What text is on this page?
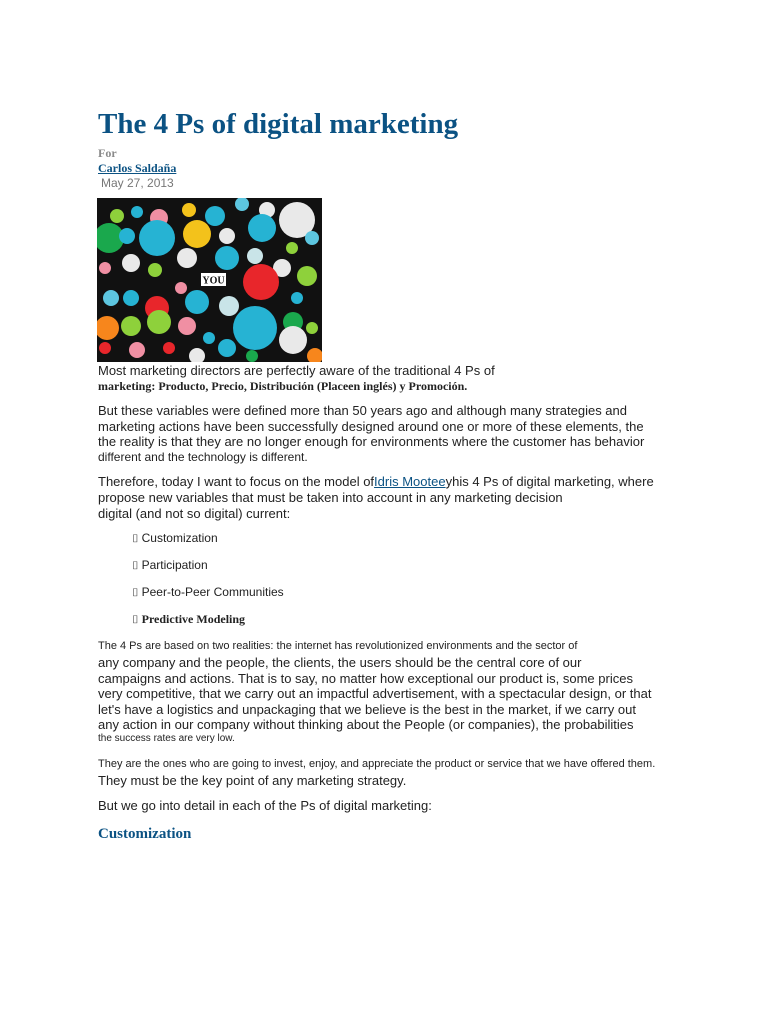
The 4 Ps of digital marketing
For
Carlos Saldaña
May 27, 2013
YOU
Most marketing directors are perfectly aware of the traditional 4 Ps of
marketing: Producto, Precio, Distribución (Placeen inglés) y Promoción.
But these variables were defined more than 50 years ago and although many strategies and
marketing actions have been successfully designed around one or more of these elements, the
the reality is that they are no longer enough for environments where the customer has behavior
different and the technology is different.
Therefore, today I want to focus on the model ofIdris Mooteeyhis 4 Ps of digital marketing, where
propose new variables that must be taken into account in any marketing decision
digital (and not so digital) current:
⌷ Customization
⌷ Participation
⌷ Peer-to-Peer Communities
⌷ Predictive Modeling
The 4 Ps are based on two realities: the internet has revolutionized environments and the sector of
any company and the people, the clients, the users should be the central core of our
campaigns and actions. That is to say, no matter how exceptional our product is, some prices
very competitive, that we carry out an impactful advertisement, with a spectacular design, or that
let's have a logistics and unpackaging that we believe is the best in the market, if we carry out
any action in our company without thinking about the People (or companies), the probabilities
the success rates are very low.
They are the ones who are going to invest, enjoy, and appreciate the product or service that we have offered them.
They must be the key point of any marketing strategy.
But we go into detail in each of the Ps of digital marketing:
Customization
